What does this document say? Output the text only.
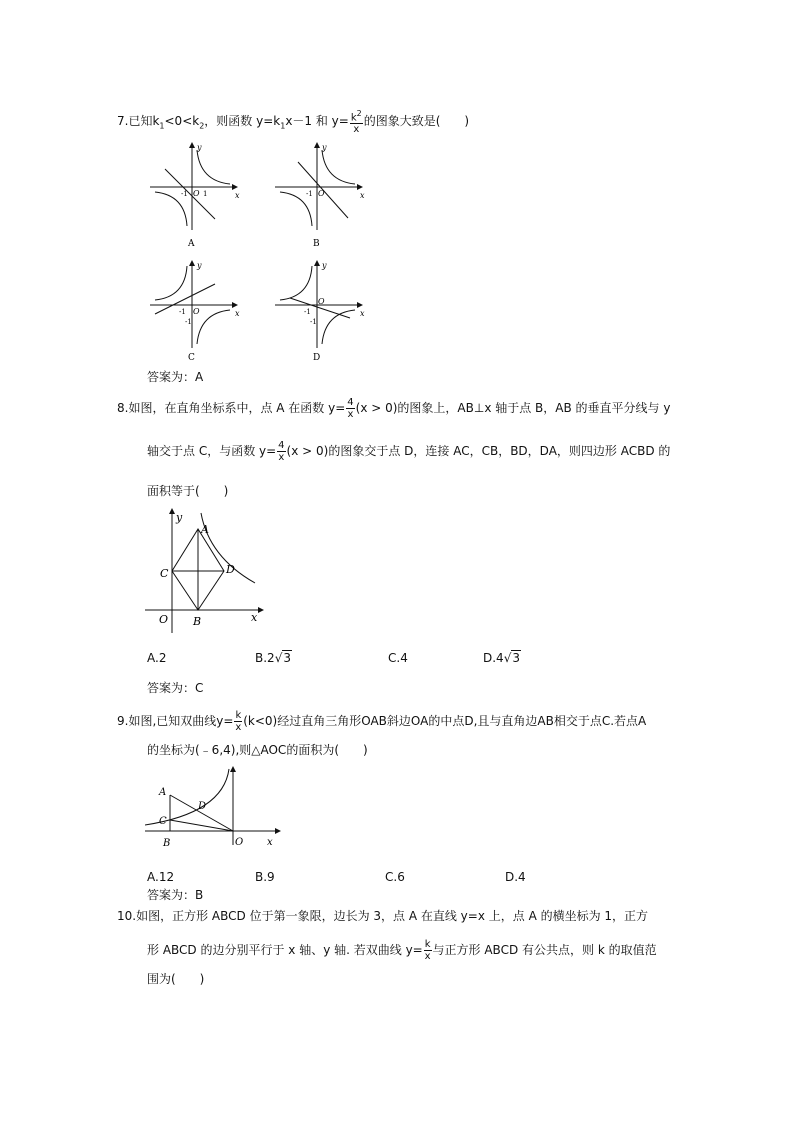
7.已知$k_1<0<k_2$，则函数 $y=k_1x-1$ 和 $y= \frac{k^2}{x}$ 的图象大致是(　　)
y
x
O 1
-1
A
y
x
O
-1
B
y
x
O
-1
-1
C
y
x
O
-1
-1
D
答案为：A
8.如图，在直角坐标系中，点 A 在函数 $y= \frac{4}{x} (x > 0)$的图象上，AB⊥x 轴于点 B，AB 的垂直平分线与 y
轴交于点 C，与函数 $y= \frac{4}{x} (x > 0)$的图象交于点 D，连接 AC，CB，BD，DA，则四边形 ACBD 的
面积等于(　　)
y
A
C	D
O B	x
A.2	B.2√3	C.4	D.4√3
答案为：C
9.如图,已知双曲线$y= \frac{k}{x} (k<0)$经过直角三角形OAB斜边OA的中点D,且与直角边AB相交于点C.若点A
的坐标为(﹣6,4),则△AOC的面积为(　　)
A
D
C
B	O x
A.12	B.9	C.6	D.4
答案为：B
10.如图，正方形 ABCD 位于第一象限，边长为 3，点 A 在直线 y=x 上，点 A 的横坐标为 1，正方
形 ABCD 的边分别平行于 x 轴、y 轴. 若双曲线 $y= \frac{k}{x}$ 与正方形 ABCD 有公共点，则 k 的取值范
围为(　　)
